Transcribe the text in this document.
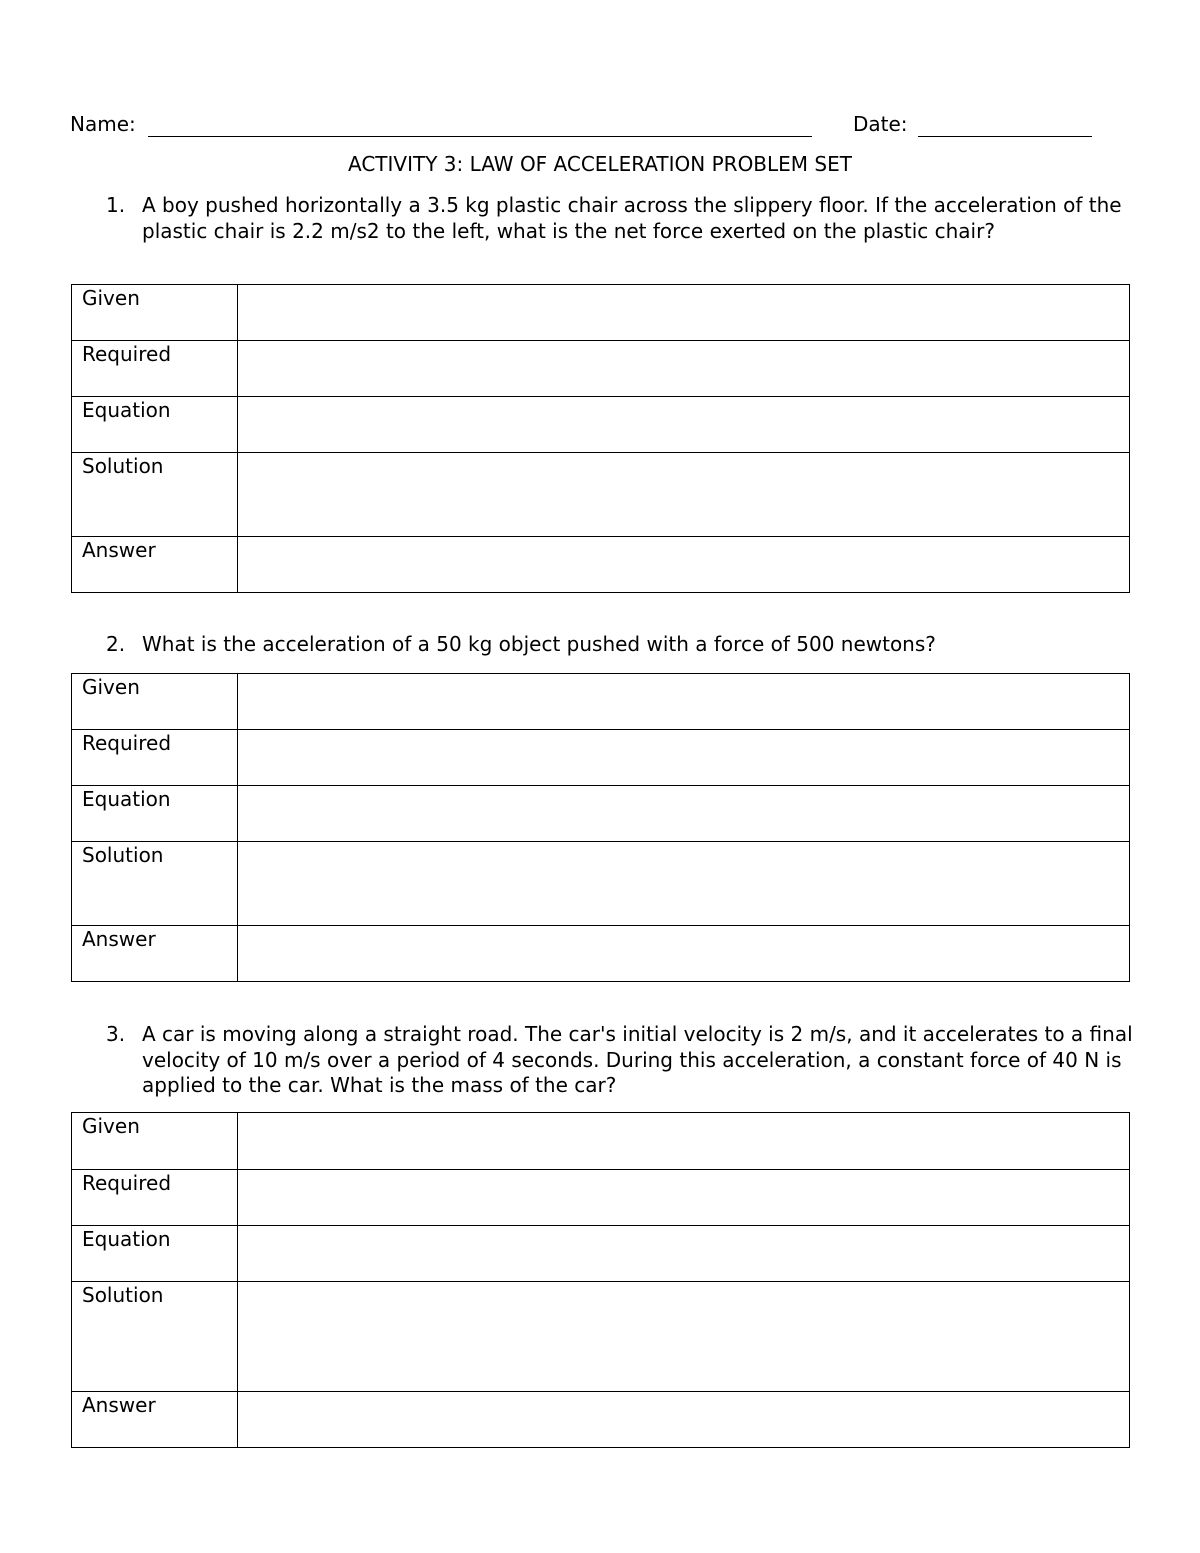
Name:	Date:
ACTIVITY 3: LAW OF ACCELERATION PROBLEM SET
1. A boy pushed horizontally a 3.5 kg plastic chair across the slippery floor. If the acceleration of the plastic chair is 2.2 m/s2 to the left, what is the net force exerted on the plastic chair?
Given	
Required	
Equation	
Solution	
Answer	
2. What is the acceleration of a 50 kg object pushed with a force of 500 newtons?
Given	
Required	
Equation	
Solution	
Answer	
3. A car is moving along a straight road. The car's initial velocity is 2 m/s, and it accelerates to a final velocity of 10 m/s over a period of 4 seconds. During this acceleration, a constant force of 40 N is applied to the car. What is the mass of the car?
Given	
Required	
Equation	
Solution	
Answer	
